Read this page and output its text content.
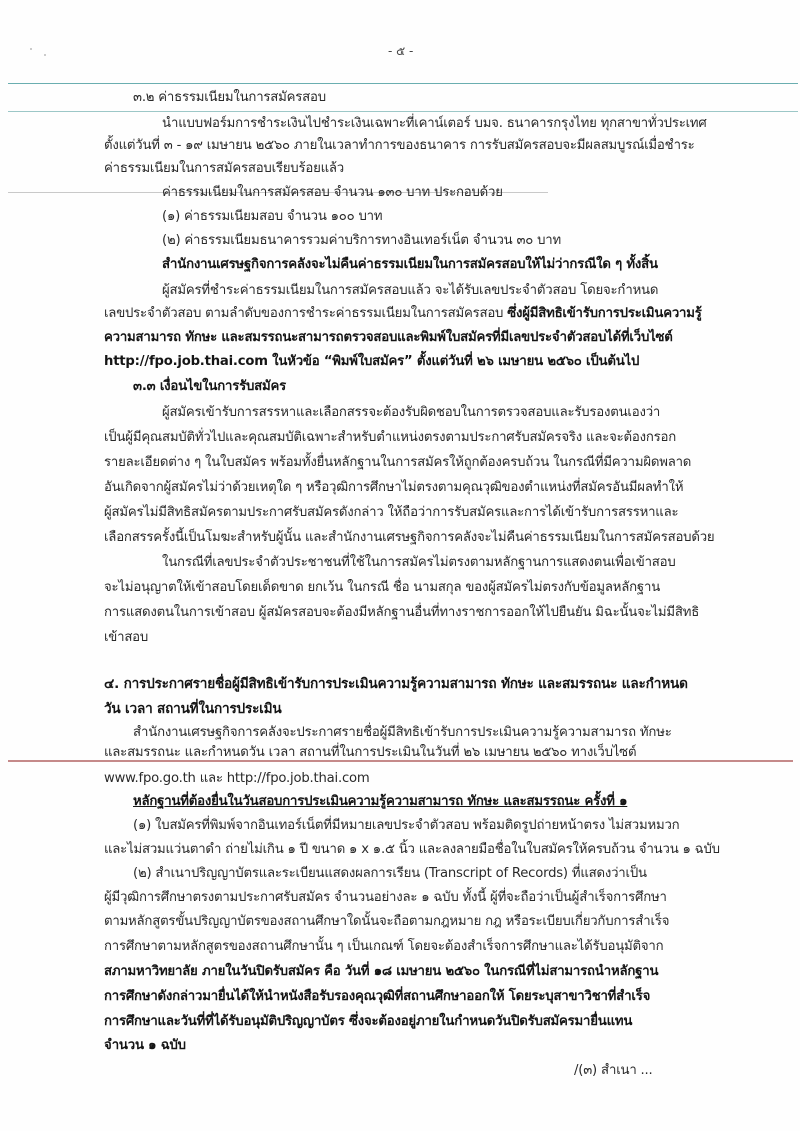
- ๕ -
๓.๒ ค่าธรรมเนียมในการสมัครสอบ
นำแบบฟอร์มการชำระเงินไปชำระเงินเฉพาะที่เคาน์เตอร์ บมจ. ธนาคารกรุงไทย ทุกสาขาทั่วประเทศ
ตั้งแต่วันที่ ๓ - ๑๙ เมษายน ๒๕๖๐ ภายในเวลาทำการของธนาคาร การรับสมัครสอบจะมีผลสมบูรณ์เมื่อชำระ
ค่าธรรมเนียมในการสมัครสอบเรียบร้อยแล้ว
ค่าธรรมเนียมในการสมัครสอบ จำนวน ๑๓๐ บาท ประกอบด้วย
(๑) ค่าธรรมเนียมสอบ จำนวน ๑๐๐ บาท
(๒) ค่าธรรมเนียมธนาคารรวมค่าบริการทางอินเทอร์เน็ต จำนวน ๓๐ บาท
สำนักงานเศรษฐกิจการคลังจะไม่คืนค่าธรรมเนียมในการสมัครสอบให้ไม่ว่ากรณีใด ๆ ทั้งสิ้น
ผู้สมัครที่ชำระค่าธรรมเนียมในการสมัครสอบแล้ว จะได้รับเลขประจำตัวสอบ โดยจะกำหนด
เลขประจำตัวสอบ ตามลำดับของการชำระค่าธรรมเนียมในการสมัครสอบ ซึ่งผู้มีสิทธิเข้ารับการประเมินความรู้
ความสามารถ ทักษะ และสมรรถนะสามารถตรวจสอบและพิมพ์ใบสมัครที่มีเลขประจำตัวสอบได้ที่เว็บไซต์
http://fpo.job.thai.com ในหัวข้อ “พิมพ์ใบสมัคร” ตั้งแต่วันที่ ๒๖ เมษายน ๒๕๖๐ เป็นต้นไป
๓.๓ เงื่อนไขในการรับสมัคร
ผู้สมัครเข้ารับการสรรหาและเลือกสรรจะต้องรับผิดชอบในการตรวจสอบและรับรองตนเองว่า
เป็นผู้มีคุณสมบัติทั่วไปและคุณสมบัติเฉพาะสำหรับตำแหน่งตรงตามประกาศรับสมัครจริง และจะต้องกรอก
รายละเอียดต่าง ๆ ในใบสมัคร พร้อมทั้งยื่นหลักฐานในการสมัครให้ถูกต้องครบถ้วน ในกรณีที่มีความผิดพลาด
อันเกิดจากผู้สมัครไม่ว่าด้วยเหตุใด ๆ หรือวุฒิการศึกษาไม่ตรงตามคุณวุฒิของตำแหน่งที่สมัครอันมีผลทำให้
ผู้สมัครไม่มีสิทธิสมัครตามประกาศรับสมัครดังกล่าว ให้ถือว่าการรับสมัครและการได้เข้ารับการสรรหาและ
เลือกสรรครั้งนี้เป็นโมฆะสำหรับผู้นั้น และสำนักงานเศรษฐกิจการคลังจะไม่คืนค่าธรรมเนียมในการสมัครสอบด้วย
ในกรณีที่เลขประจำตัวประชาชนที่ใช้ในการสมัครไม่ตรงตามหลักฐานการแสดงตนเพื่อเข้าสอบ
จะไม่อนุญาตให้เข้าสอบโดยเด็ดขาด ยกเว้น ในกรณี ชื่อ นามสกุล ของผู้สมัครไม่ตรงกับข้อมูลหลักฐาน
การแสดงตนในการเข้าสอบ ผู้สมัครสอบจะต้องมีหลักฐานอื่นที่ทางราชการออกให้ไปยืนยัน มิฉะนั้นจะไม่มีสิทธิ
เข้าสอบ
๔. การประกาศรายชื่อผู้มีสิทธิเข้ารับการประเมินความรู้ความสามารถ ทักษะ และสมรรถนะ และกำหนด
วัน เวลา สถานที่ในการประเมิน
สำนักงานเศรษฐกิจการคลังจะประกาศรายชื่อผู้มีสิทธิเข้ารับการประเมินความรู้ความสามารถ ทักษะ
และสมรรถนะ และกำหนดวัน เวลา สถานที่ในการประเมินในวันที่ ๒๖ เมษายน ๒๕๖๐ ทางเว็บไซต์
www.fpo.go.th และ http://fpo.job.thai.com
หลักฐานที่ต้องยื่นในวันสอบการประเมินความรู้ความสามารถ ทักษะ และสมรรถนะ ครั้งที่ ๑
(๑) ใบสมัครที่พิมพ์จากอินเทอร์เน็ตที่มีหมายเลขประจำตัวสอบ พร้อมติดรูปถ่ายหน้าตรง ไม่สวมหมวก
และไม่สวมแว่นตาดำ ถ่ายไม่เกิน ๑ ปี ขนาด ๑ x ๑.๕ นิ้ว และลงลายมือชื่อในใบสมัครให้ครบถ้วน จำนวน ๑ ฉบับ
(๒) สำเนาปริญญาบัตรและระเบียนแสดงผลการเรียน (Transcript of Records) ที่แสดงว่าเป็น
ผู้มีวุฒิการศึกษาตรงตามประกาศรับสมัคร จำนวนอย่างละ ๑ ฉบับ ทั้งนี้ ผู้ที่จะถือว่าเป็นผู้สำเร็จการศึกษา
ตามหลักสูตรขั้นปริญญาบัตรของสถานศึกษาใดนั้นจะถือตามกฎหมาย กฎ หรือระเบียบเกี่ยวกับการสำเร็จ
การศึกษาตามหลักสูตรของสถานศึกษานั้น ๆ เป็นเกณฑ์ โดยจะต้องสำเร็จการศึกษาและได้รับอนุมัติจาก
สภามหาวิทยาลัย ภายในวันปิดรับสมัคร คือ วันที่ ๑๘ เมษายน ๒๕๖๐ ในกรณีที่ไม่สามารถนำหลักฐาน
การศึกษาดังกล่าวมายื่นได้ให้นำหนังสือรับรองคุณวุฒิที่สถานศึกษาออกให้ โดยระบุสาขาวิชาที่สำเร็จ
การศึกษาและวันที่ที่ได้รับอนุมัติปริญญาบัตร ซึ่งจะต้องอยู่ภายในกำหนดวันปิดรับสมัครมายื่นแทน
จำนวน ๑ ฉบับ
/(๓) สำเนา ...
